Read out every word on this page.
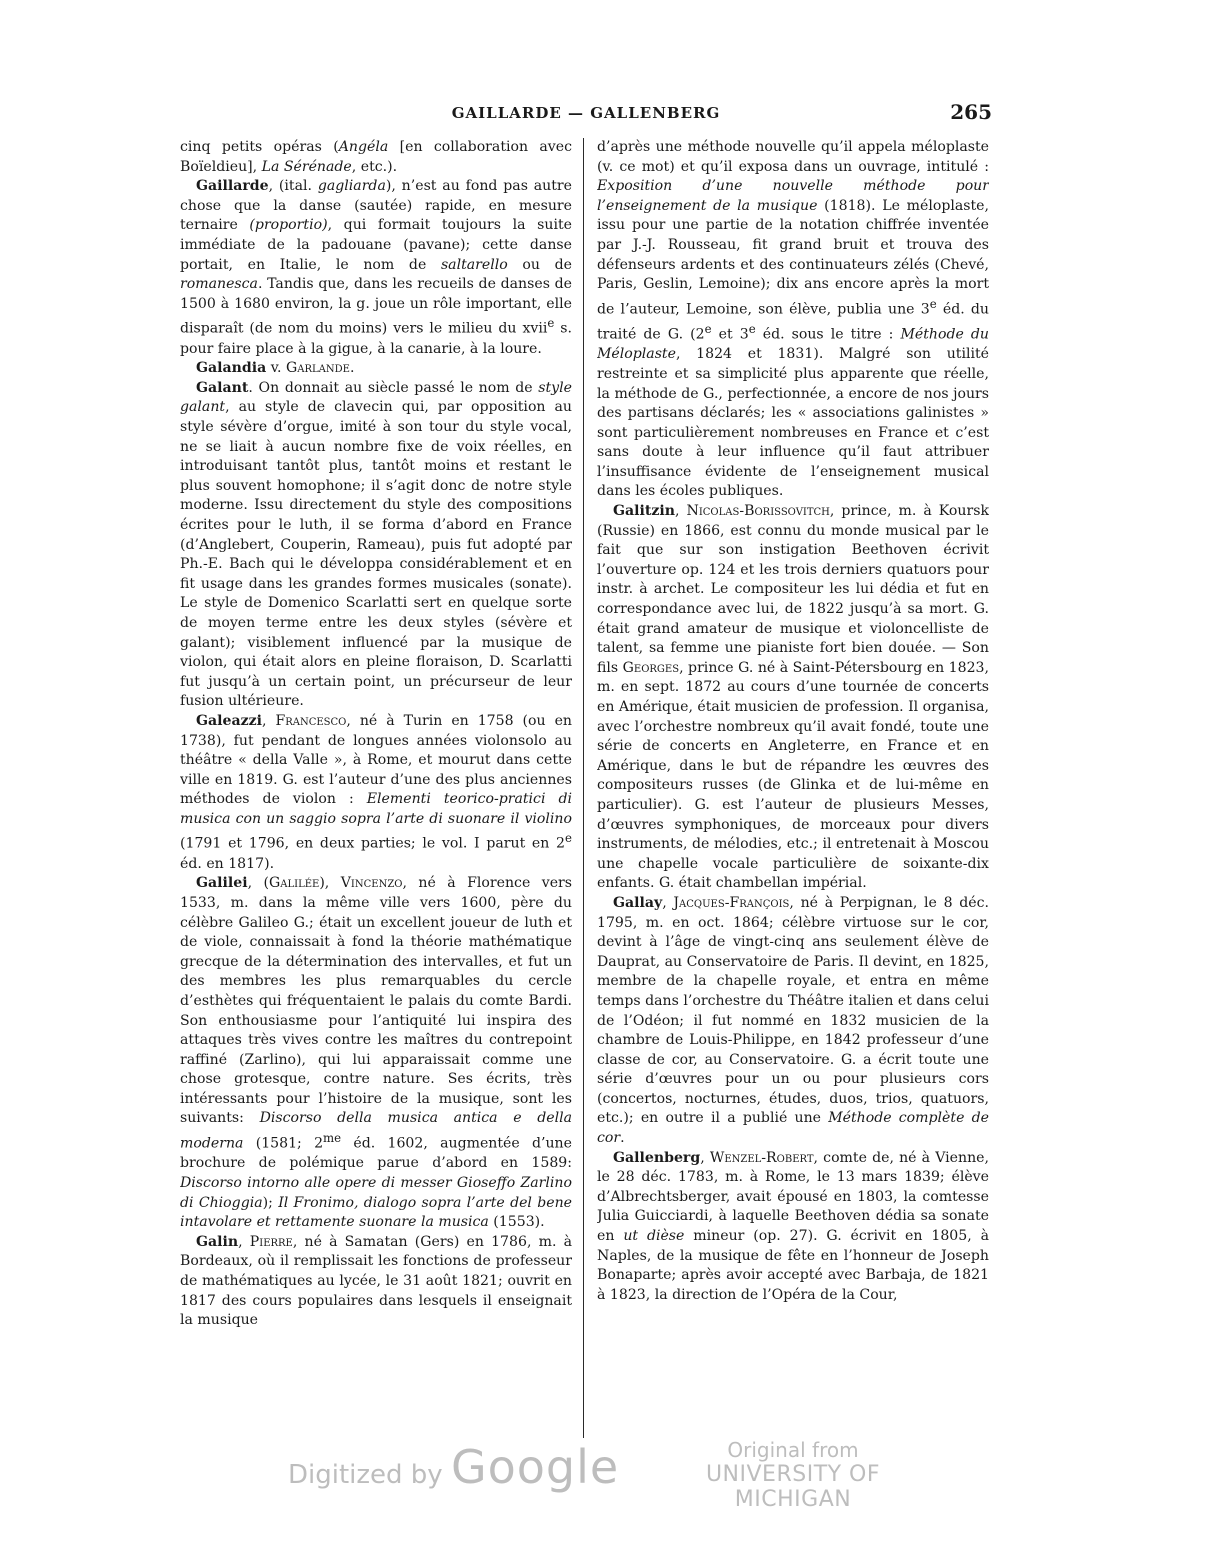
GAILLARDE — GALLENBERG	265

cinq petits opéras (Angéla [en collaboration avec Boïeldieu], La Sérénade, etc.).

Gaillarde, (ital. gagliarda), n’est au fond pas autre chose que la danse (sautée) rapide, en mesure ternaire (proportio), qui formait toujours la suite immédiate de la padouane (pavane); cette danse portait, en Italie, le nom de saltarello ou de romanesca. Tandis que, dans les recueils de danses de 1500 à 1680 environ, la g. joue un rôle important, elle disparaît (de nom du moins) vers le milieu du xvii$^e$ s. pour faire place à la gigue, à la canarie, à la loure.

Galandia v. Garlande.

Galant. On donnait au siècle passé le nom de style galant, au style de clavecin qui, par opposition au style sévère d’orgue, imité à son tour du style vocal, ne se liait à aucun nombre fixe de voix réelles, en introduisant tantôt plus, tantôt moins et restant le plus souvent homophone; il s’agit donc de notre style moderne. Issu directement du style des compositions écrites pour le luth, il se forma d’abord en France (d’Anglebert, Couperin, Rameau), puis fut adopté par Ph.-E. Bach qui le développa considérablement et en fit usage dans les grandes formes musicales (sonate). Le style de Domenico Scarlatti sert en quelque sorte de moyen terme entre les deux styles (sévère et galant); visiblement influencé par la musique de violon, qui était alors en pleine floraison, D. Scarlatti fut jusqu’à un certain point, un précurseur de leur fusion ultérieure.

Galeazzi, Francesco, né à Turin en 1758 (ou en 1738), fut pendant de longues années violonsolo au théâtre « della Valle », à Rome, et mourut dans cette ville en 1819. G. est l’auteur d’une des plus anciennes méthodes de violon : Elementi teorico-pratici di musica con un saggio sopra l’arte di suonare il violino (1791 et 1796, en deux parties; le vol. I parut en 2e éd. en 1817).

Galilei, (Galilée), Vincenzo, né à Florence vers 1533, m. dans la même ville vers 1600, père du célèbre Galileo G.; était un excellent joueur de luth et de viole, connaissait à fond la théorie mathématique grecque de la détermination des intervalles, et fut un des membres les plus remarquables du cercle d’esthètes qui fréquentaient le palais du comte Bardi. Son enthousiasme pour l’antiquité lui inspira des attaques très vives contre les maîtres du contrepoint raffiné (Zarlino), qui lui apparaissait comme une chose grotesque, contre nature. Ses écrits, très intéressants pour l’histoire de la musique, sont les suivants: Discorso della musica antica e della moderna (1581; $2^{me}$ éd. 1602, augmentée d’une brochure de polémique parue d’abord en 1589: Discorso intorno alle opere di messer Gioseffo Zarlino di Chioggia); Il Fronimo, dialogo sopra l’arte del bene intavolare et rettamente suonare la musica (1553).

Galin, Pierre, né à Samatan (Gers) en 1786, m. à Bordeaux, où il remplissait les fonctions de professeur de mathématiques au lycée, le 31 août 1821; ouvrit en 1817 des cours populaires dans lesquels il enseignait la musique

d’après une méthode nouvelle qu’il appela méloplaste (v. ce mot) et qu’il exposa dans un ouvrage, intitulé : Exposition d’une nouvelle méthode pour l’enseignement de la musique (1818). Le méloplaste, issu pour une partie de la notation chiffrée inventée par J.-J. Rousseau, fit grand bruit et trouva des défenseurs ardents et des continuateurs zélés (Chevé, Paris, Geslin, Lemoine); dix ans encore après la mort de l’auteur, Lemoine, son élève, publia une 3e éd. du traité de G. (2e et 3e éd. sous le titre : Méthode du Méloplaste, 1824 et 1831). Malgré son utilité restreinte et sa simplicité plus apparente que réelle, la méthode de G., perfectionnée, a encore de nos jours des partisans déclarés; les « associations galinistes » sont particulièrement nombreuses en France et c’est sans doute à leur influence qu’il faut attribuer l’insuffisance évidente de l’enseignement musical dans les écoles publiques.

Galitzin, Nicolas-Borissovitch, prince, m. à Koursk (Russie) en 1866, est connu du monde musical par le fait que sur son instigation Beethoven écrivit l’ouverture op. 124 et les trois derniers quatuors pour instr. à archet. Le compositeur les lui dédia et fut en correspondance avec lui, de 1822 jusqu’à sa mort. G. était grand amateur de musique et violoncelliste de talent, sa femme une pianiste fort bien douée. — Son fils Georges, prince G. né à Saint-Pétersbourg en 1823, m. en sept. 1872 au cours d’une tournée de concerts en Amérique, était musicien de profession. Il organisa, avec l’orchestre nombreux qu’il avait fondé, toute une série de concerts en Angleterre, en France et en Amérique, dans le but de répandre les œuvres des compositeurs russes (de Glinka et de lui-même en particulier). G. est l’auteur de plusieurs Messes, d’œuvres symphoniques, de morceaux pour divers instruments, de mélodies, etc.; il entretenait à Moscou une chapelle vocale particulière de soixante-dix enfants. G. était chambellan impérial.

Gallay, Jacques-François, né à Perpignan, le 8 déc. 1795, m. en oct. 1864; célèbre virtuose sur le cor, devint à l’âge de vingt-cinq ans seulement élève de Dauprat, au Conservatoire de Paris. Il devint, en 1825, membre de la chapelle royale, et entra en même temps dans l’orchestre du Théâtre italien et dans celui de l’Odéon; il fut nommé en 1832 musicien de la chambre de Louis-Philippe, en 1842 professeur d’une classe de cor, au Conservatoire. G. a écrit toute une série d’œuvres pour un ou pour plusieurs cors (concertos, nocturnes, études, duos, trios, quatuors, etc.); en outre il a publié une Méthode complète de cor.

Gallenberg, Wenzel-Robert, comte de, né à Vienne, le 28 déc. 1783, m. à Rome, le 13 mars 1839; élève d’Albrechtsberger, avait épousé en 1803, la comtesse Julia Guicciardi, à laquelle Beethoven dédia sa sonate en ut dièse mineur (op. 27). G. écrivit en 1805, à Naples, de la musique de fête en l’honneur de Joseph Bonaparte; après avoir accepté avec Barbaja, de 1821 à 1823, la direction de l’Opéra de la Cour,

Digitized by Google	Original from
UNIVERSITY OF MICHIGAN
